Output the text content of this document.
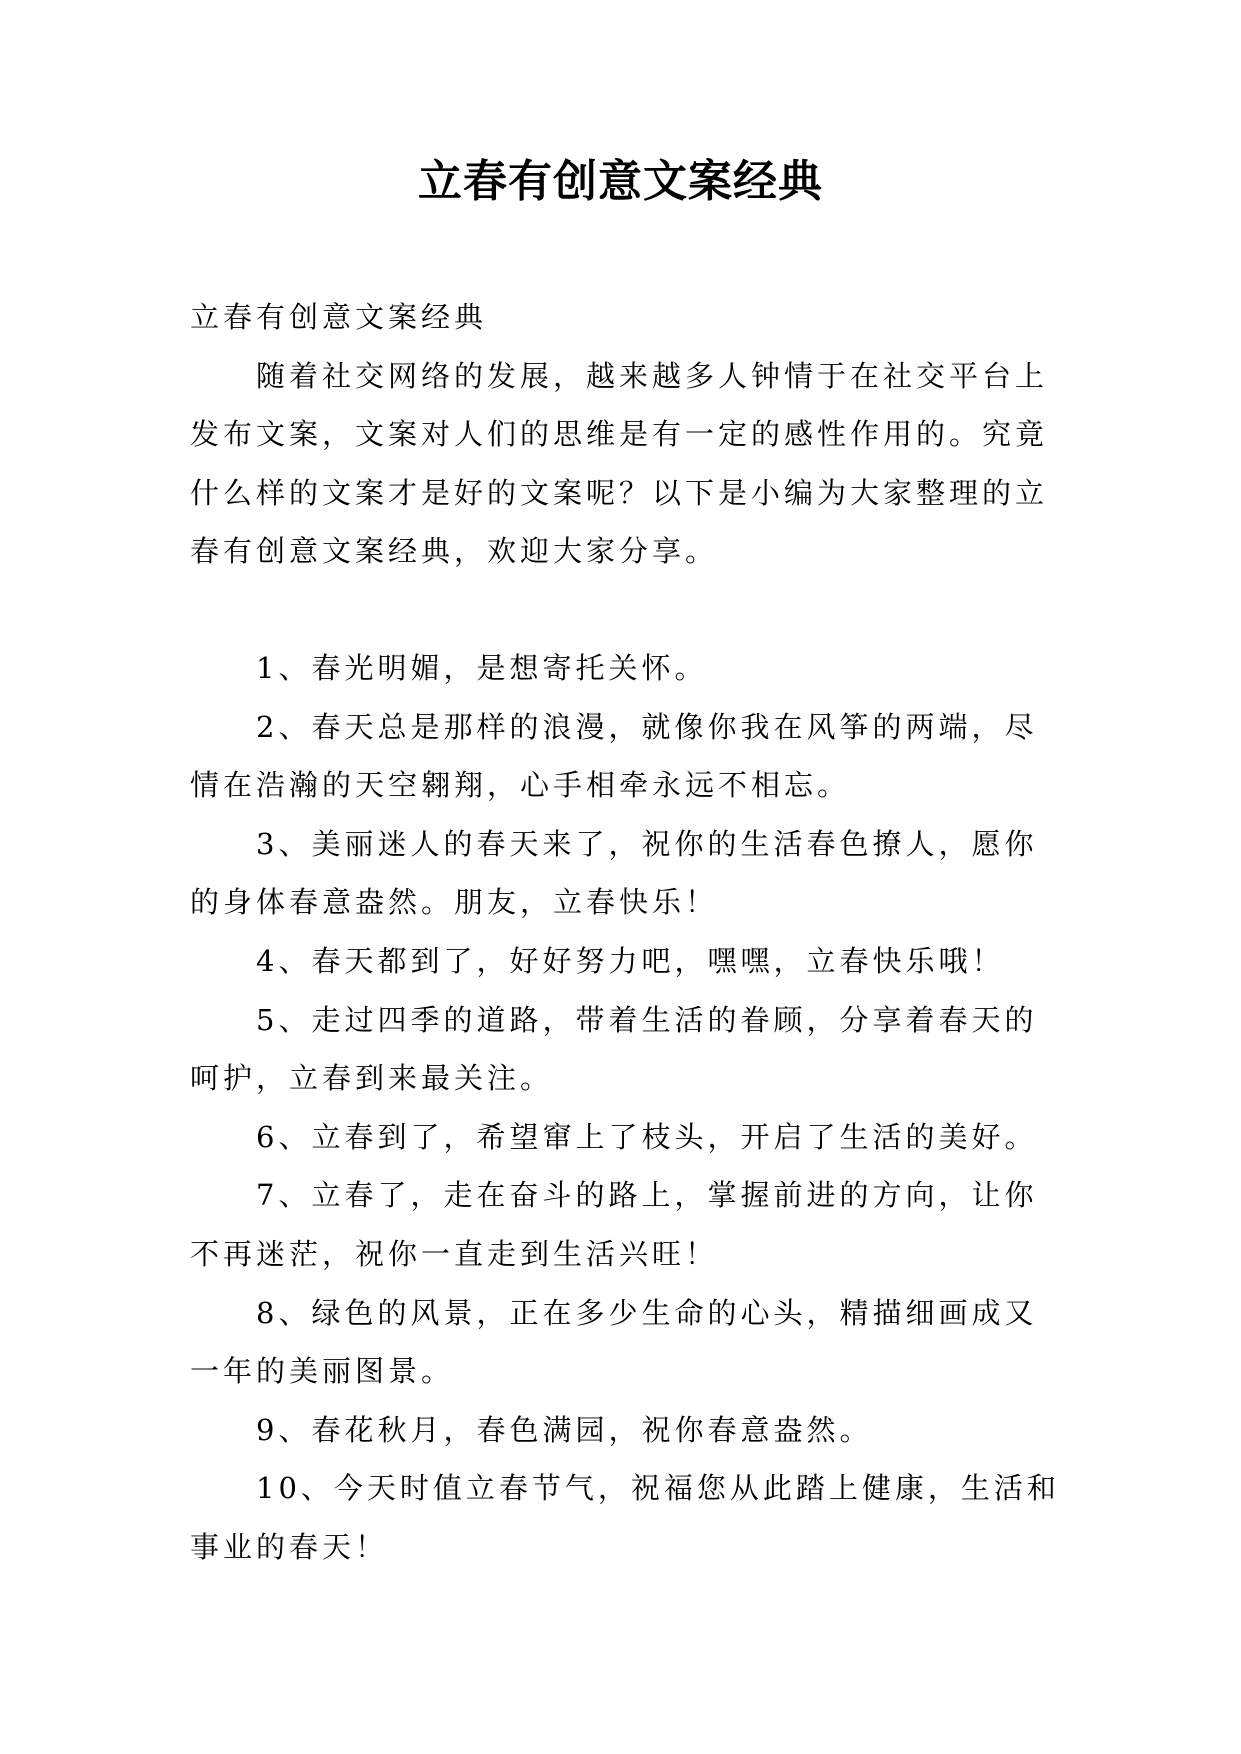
立春有创意文案经典

立春有创意文案经典

随着社交网络的发展，越来越多人钟情于在社交平台上发布文案，文案对人们的思维是有一定的感性作用的。究竟什么样的文案才是好的文案呢？以下是小编为大家整理的立春有创意文案经典，欢迎大家分享。

1、春光明媚，是想寄托关怀。

2、春天总是那样的浪漫，就像你我在风筝的两端，尽情在浩瀚的天空翱翔，心手相牵永远不相忘。

3、美丽迷人的春天来了，祝你的生活春色撩人，愿你的身体春意盎然。朋友，立春快乐！

4、春天都到了，好好努力吧，嘿嘿，立春快乐哦！

5、走过四季的道路，带着生活的眷顾，分享着春天的呵护，立春到来最关注。

6、立春到了，希望窜上了枝头，开启了生活的美好。

7、立春了，走在奋斗的路上，掌握前进的方向，让你不再迷茫，祝你一直走到生活兴旺！

8、绿色的风景，正在多少生命的心头，精描细画成又一年的美丽图景。

9、春花秋月，春色满园，祝你春意盎然。

10、今天时值立春节气，祝福您从此踏上健康，生活和事业的春天！
